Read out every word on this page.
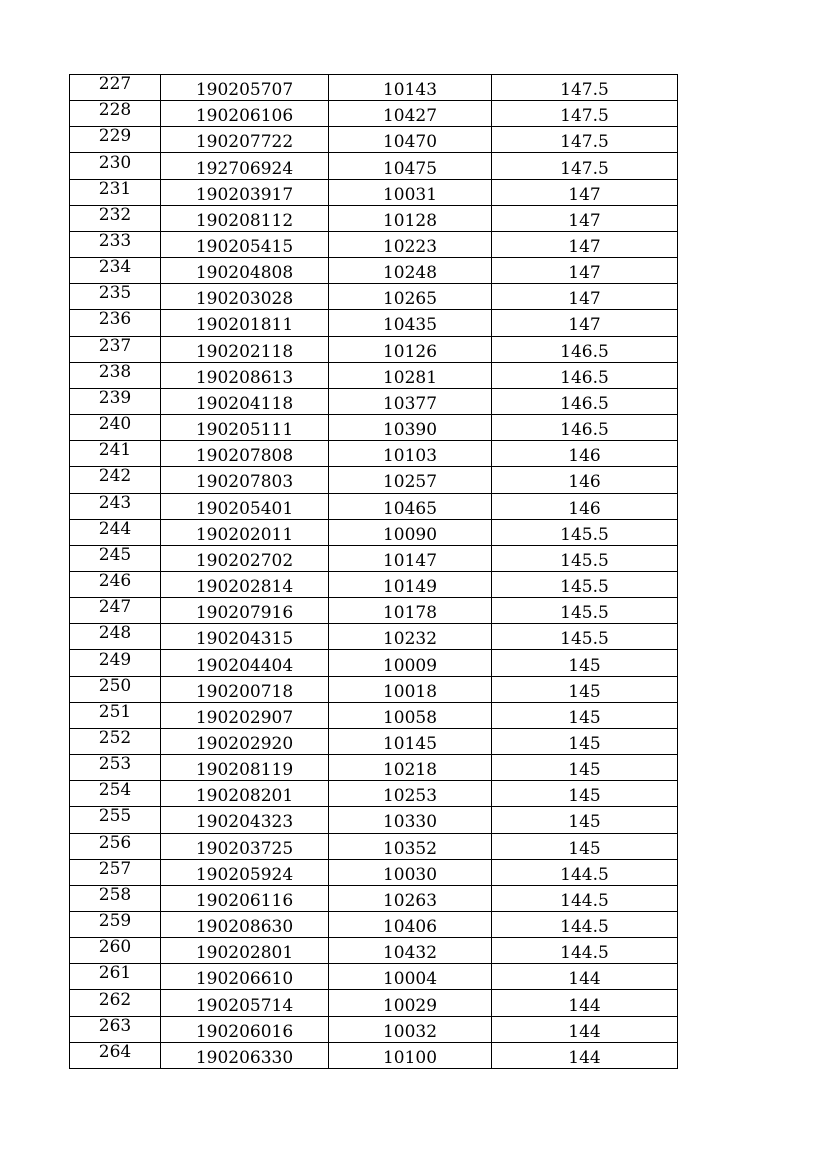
227	190205707	10143	147.5
228	190206106	10427	147.5
229	190207722	10470	147.5
230	192706924	10475	147.5
231	190203917	10031	147
232	190208112	10128	147
233	190205415	10223	147
234	190204808	10248	147
235	190203028	10265	147
236	190201811	10435	147
237	190202118	10126	146.5
238	190208613	10281	146.5
239	190204118	10377	146.5
240	190205111	10390	146.5
241	190207808	10103	146
242	190207803	10257	146
243	190205401	10465	146
244	190202011	10090	145.5
245	190202702	10147	145.5
246	190202814	10149	145.5
247	190207916	10178	145.5
248	190204315	10232	145.5
249	190204404	10009	145
250	190200718	10018	145
251	190202907	10058	145
252	190202920	10145	145
253	190208119	10218	145
254	190208201	10253	145
255	190204323	10330	145
256	190203725	10352	145
257	190205924	10030	144.5
258	190206116	10263	144.5
259	190208630	10406	144.5
260	190202801	10432	144.5
261	190206610	10004	144
262	190205714	10029	144
263	190206016	10032	144
264	190206330	10100	144
